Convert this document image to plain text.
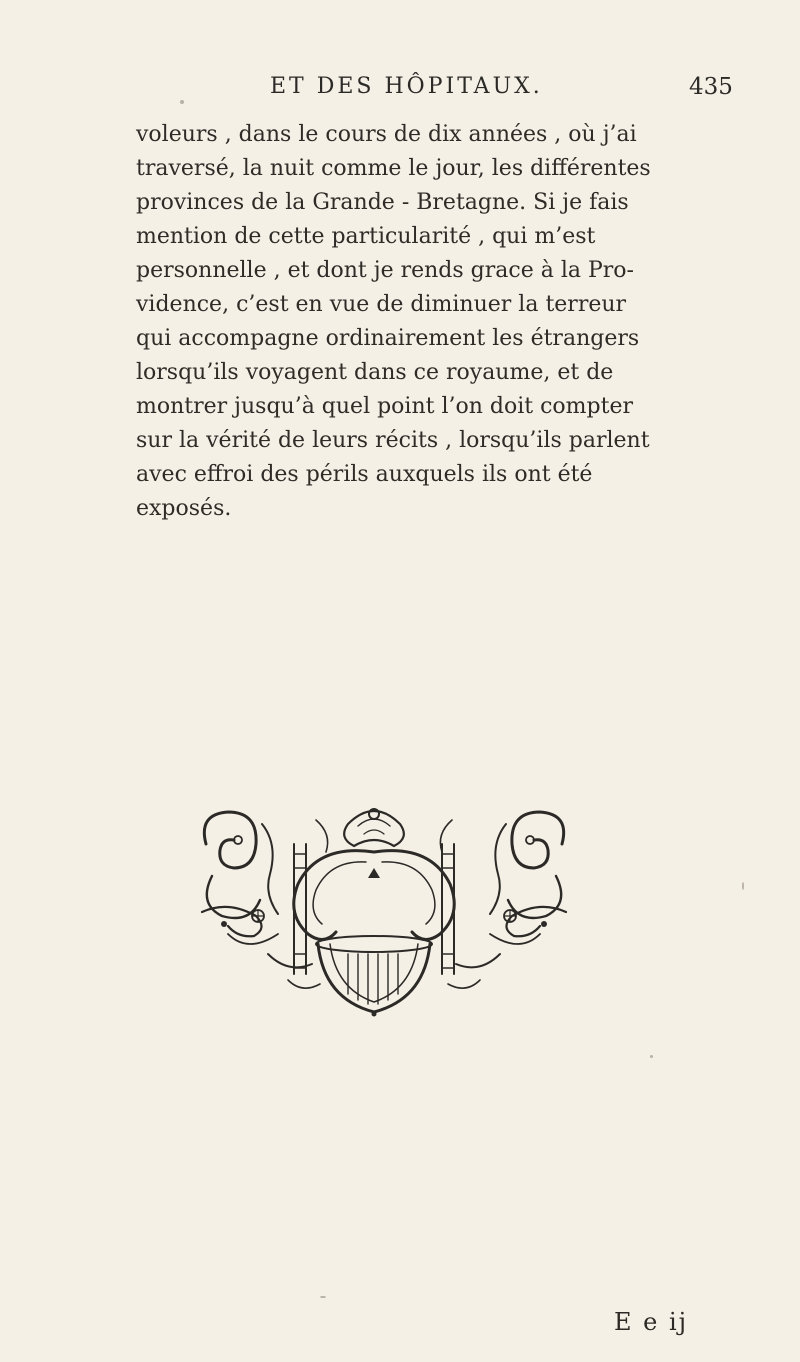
ET DES HÔPITAUX.	435
voleurs , dans le cours de dix années , où j’ai
traversé, la nuit comme le jour, les différentes
provinces de la Grande - Bretagne. Si je fais
mention de cette particularité , qui m’est
personnelle , et dont je rends grace à la Pro-
vidence, c’est en vue de diminuer la terreur
qui accompagne ordinairement les étrangers
lorsqu’ils voyagent dans ce royaume, et de
montrer jusqu’à quel point l’on doit compter
sur la vérité de leurs récits , lorsqu’ils parlent
avec effroi des périls auxquels ils ont été
exposés.
E e ij
